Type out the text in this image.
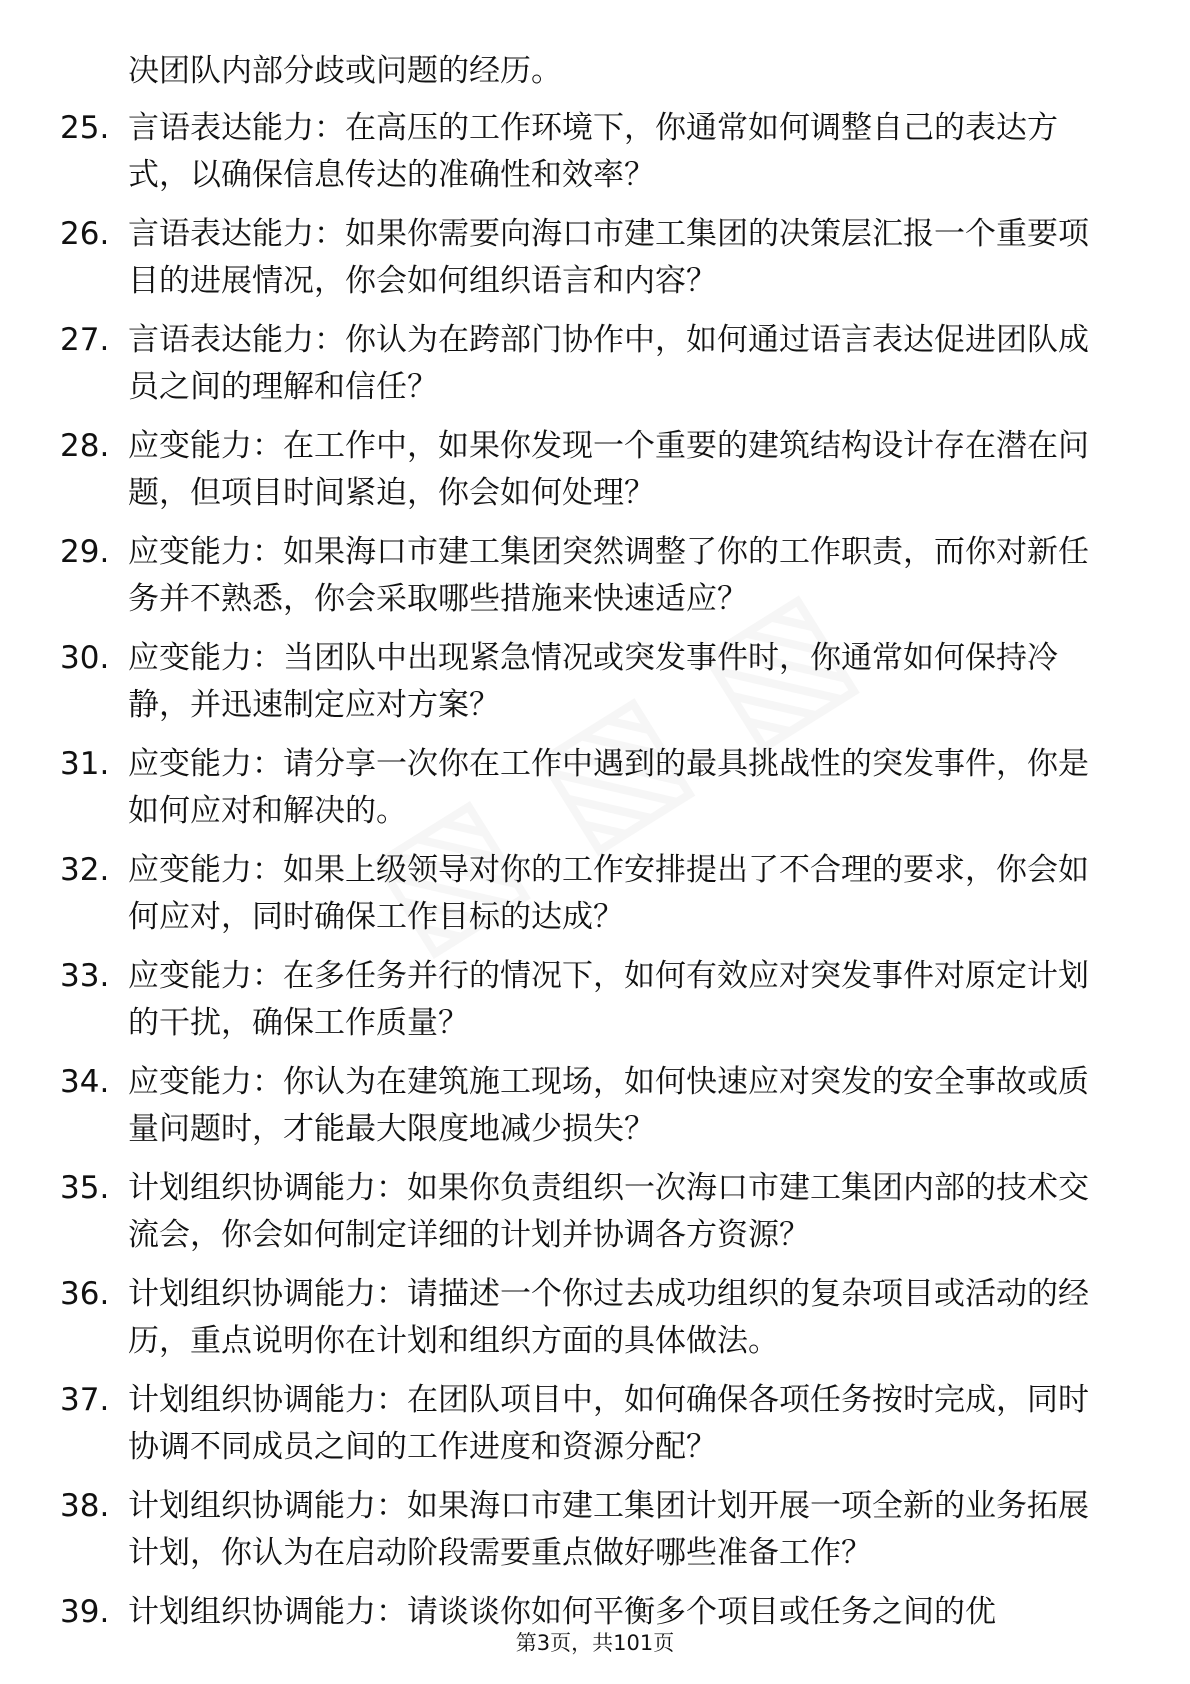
决团队内部分歧或问题的经历。
25. 言语表达能力：在高压的工作环境下，你通常如何调整自己的表达方式，以确保信息传达的准确性和效率？
26. 言语表达能力：如果你需要向海口市建工集团的决策层汇报一个重要项目的进展情况，你会如何组织语言和内容？
27. 言语表达能力：你认为在跨部门协作中，如何通过语言表达促进团队成员之间的理解和信任？
28. 应变能力：在工作中，如果你发现一个重要的建筑结构设计存在潜在问题，但项目时间紧迫，你会如何处理？
29. 应变能力：如果海口市建工集团突然调整了你的工作职责，而你对新任务并不熟悉，你会采取哪些措施来快速适应？
30. 应变能力：当团队中出现紧急情况或突发事件时，你通常如何保持冷静，并迅速制定应对方案？
31. 应变能力：请分享一次你在工作中遇到的最具挑战性的突发事件，你是如何应对和解决的。
32. 应变能力：如果上级领导对你的工作安排提出了不合理的要求，你会如何应对，同时确保工作目标的达成？
33. 应变能力：在多任务并行的情况下，如何有效应对突发事件对原定计划的干扰，确保工作质量？
34. 应变能力：你认为在建筑施工现场，如何快速应对突发的安全事故或质量问题时，才能最大限度地减少损失？
35. 计划组织协调能力：如果你负责组织一次海口市建工集团内部的技术交流会，你会如何制定详细的计划并协调各方资源？
36. 计划组织协调能力：请描述一个你过去成功组织的复杂项目或活动的经历，重点说明你在计划和组织方面的具体做法。
37. 计划组织协调能力：在团队项目中，如何确保各项任务按时完成，同时协调不同成员之间的工作进度和资源分配？
38. 计划组织协调能力：如果海口市建工集团计划开展一项全新的业务拓展计划，你认为在启动阶段需要重点做好哪些准备工作？
39. 计划组织协调能力：请谈谈你如何平衡多个项目或任务之间的优
第3页，共101页
